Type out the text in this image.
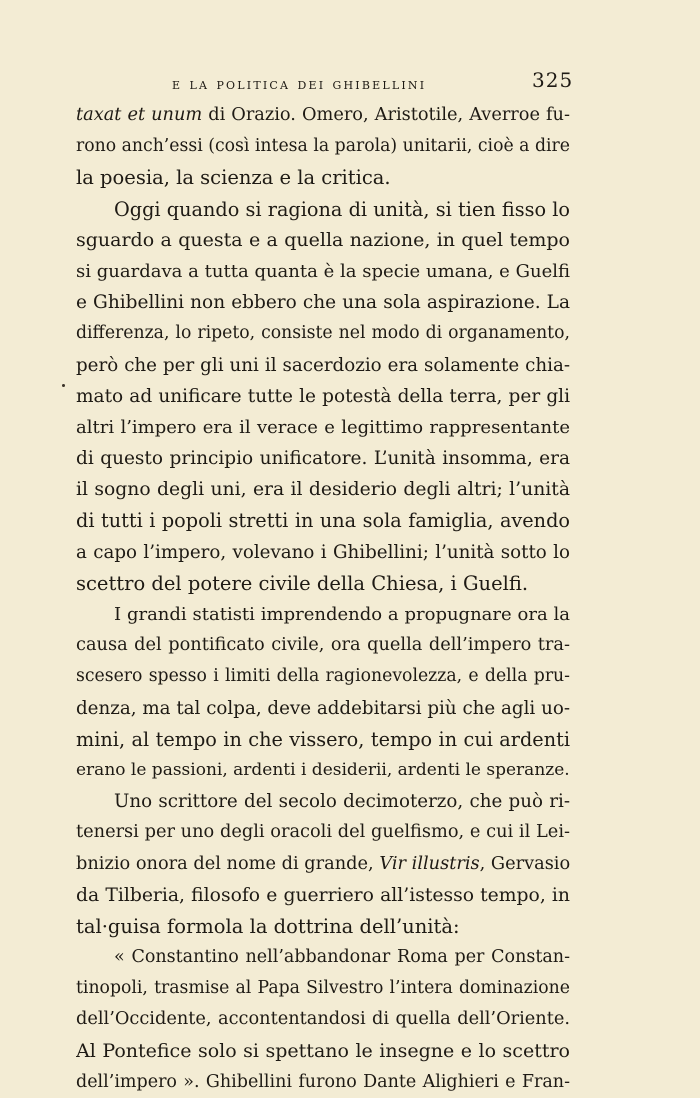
e la politica dei ghibellini	325
taxat et unum di Orazio. Omero, Aristotile, Averroe fu-
rono anch’essi (così intesa la parola) unitarii, cioè a dire
la poesia, la scienza e la critica.
Oggi quando si ragiona di unità, si tien fisso lo
sguardo a questa e a quella nazione, in quel tempo
si guardava a tutta quanta è la specie umana, e Guelfi
e Ghibellini non ebbero che una sola aspirazione. La
differenza, lo ripeto, consiste nel modo di organamento,
però che per gli uni il sacerdozio era solamente chia-
mato ad unificare tutte le potestà della terra, per gli
altri l’impero era il verace e legittimo rappresentante
di questo principio unificatore. L’unità insomma, era
il sogno degli uni, era il desiderio degli altri; l’unità
di tutti i popoli stretti in una sola famiglia, avendo
a capo l’impero, volevano i Ghibellini; l’unità sotto lo
scettro del potere civile della Chiesa, i Guelfi.
I grandi statisti imprendendo a propugnare ora la
causa del pontificato civile, ora quella dell’impero tra-
scesero spesso i limiti della ragionevolezza, e della pru-
denza, ma tal colpa, deve addebitarsi più che agli uo-
mini, al tempo in che vissero, tempo in cui ardenti
erano le passioni, ardenti i desiderii, ardenti le speranze.
Uno scrittore del secolo decimoterzo, che può ri-
tenersi per uno degli oracoli del guelfismo, e cui il Lei-
bnizio onora del nome di grande, Vir illustris, Gervasio
da Tilberia, filosofo e guerriero all’istesso tempo, in
tal·guisa formola la dottrina dell’unità:
« Constantino nell’abbandonar Roma per Constan-
tinopoli, trasmise al Papa Silvestro l’intera dominazione
dell’Occidente, accontentandosi di quella dell’Oriente.
Al Pontefice solo si spettano le insegne e lo scettro
dell’impero ». Ghibellini furono Dante Alighieri e Fran-
